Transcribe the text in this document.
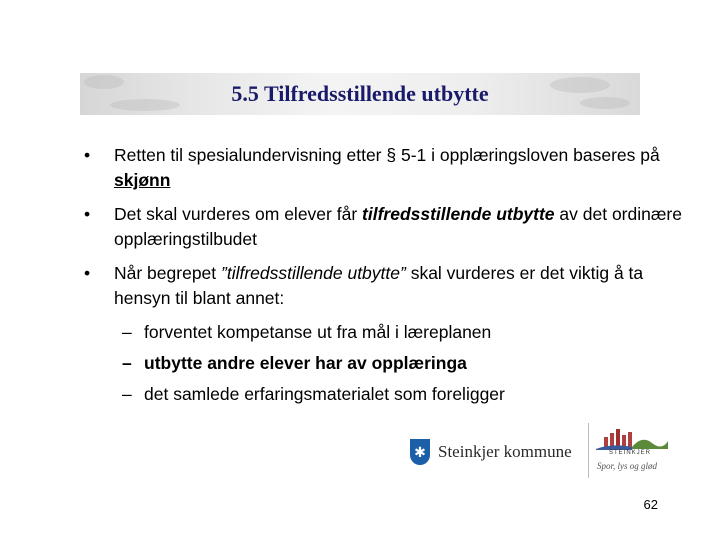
5.5 Tilfredsstillende utbytte
• Retten til spesialundervisning etter § 5-1 i opplæringsloven baseres på skjønn
• Det skal vurderes om elever får tilfredsstillende utbytte av det ordinære opplæringstilbudet
• Når begrepet ”tilfredsstillende utbytte” skal vurderes er det viktig å ta hensyn til blant annet:
– forventet kompetanse ut fra mål i læreplanen
– utbytte andre elever har av opplæringa
– det samlede erfaringsmaterialet som foreligger
✱ Steinkjer kommune	STEINKJER
Spor, lys og glød
62
